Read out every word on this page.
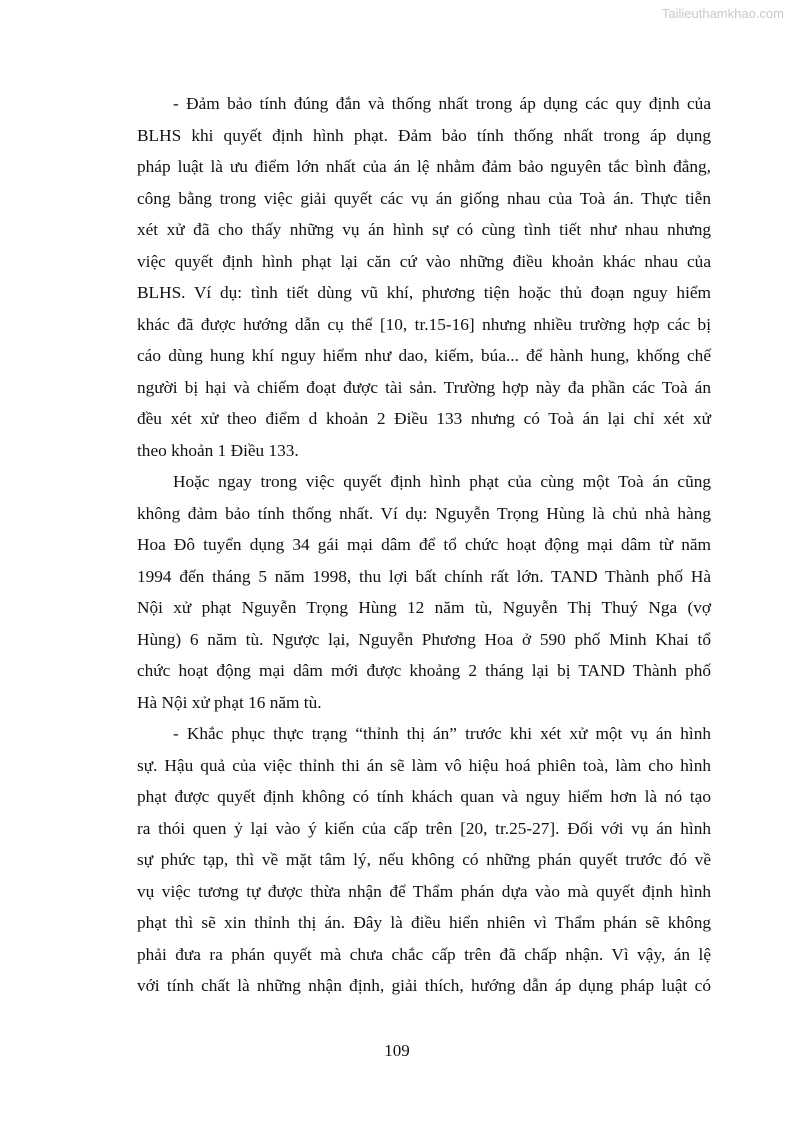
Tailieuthamkhao.com
- Đảm bảo tính đúng đắn và thống nhất trong áp dụng các quy định của
BLHS khi quyết định hình phạt. Đảm bảo tính thống nhất trong áp dụng
pháp luật là ưu điểm lớn nhất của án lệ nhằm đảm bảo nguyên tắc bình đẳng,
công bằng trong việc giải quyết các vụ án giống nhau của Toà án. Thực tiễn
xét xử đã cho thấy những vụ án hình sự có cùng tình tiết như nhau nhưng
việc quyết định hình phạt lại căn cứ vào những điều khoản khác nhau của
BLHS. Ví dụ: tình tiết dùng vũ khí, phương tiện hoặc thủ đoạn nguy hiểm
khác đã được hướng dẫn cụ thể [10, tr.15-16] nhưng nhiều trường hợp các bị
cáo dùng hung khí nguy hiểm như dao, kiếm, búa... để hành hung, khống chế
người bị hại và chiếm đoạt được tài sản. Trường hợp này đa phần các Toà án
đều xét xử theo điểm d khoản 2 Điều 133 nhưng có Toà án lại chỉ xét xử
theo khoản 1 Điều 133.
Hoặc ngay trong việc quyết định hình phạt của cùng một Toà án cũng
không đảm bảo tính thống nhất. Ví dụ: Nguyễn Trọng Hùng là chủ nhà hàng
Hoa Đô tuyển dụng 34 gái mại dâm để tổ chức hoạt động mại dâm từ năm
1994 đến tháng 5 năm 1998, thu lợi bất chính rất lớn. TAND Thành phố Hà
Nội xử phạt Nguyễn Trọng Hùng 12 năm tù, Nguyễn Thị Thuý Nga (vợ
Hùng) 6 năm tù. Ngược lại, Nguyễn Phương Hoa ở 590 phố Minh Khai tổ
chức hoạt động mại dâm mới được khoảng 2 tháng lại bị TAND Thành phố
Hà Nội xử phạt 16 năm tù.
- Khắc phục thực trạng “thỉnh thị án” trước khi xét xử một vụ án hình
sự. Hậu quả của việc thỉnh thi án sẽ làm vô hiệu hoá phiên toà, làm cho hình
phạt được quyết định không có tính khách quan và nguy hiểm hơn là nó tạo
ra thói quen ỷ lại vào ý kiến của cấp trên [20, tr.25-27]. Đối với vụ án hình
sự phức tạp, thì về mặt tâm lý, nếu không có những phán quyết trước đó về
vụ việc tương tự được thừa nhận để Thẩm phán dựa vào mà quyết định hình
phạt thì sẽ xin thỉnh thị án. Đây là điều hiển nhiên vì Thẩm phán sẽ không
phải đưa ra phán quyết mà chưa chắc cấp trên đã chấp nhận. Vì vậy, án lệ
với tính chất là những nhận định, giải thích, hướng dẫn áp dụng pháp luật có
109
